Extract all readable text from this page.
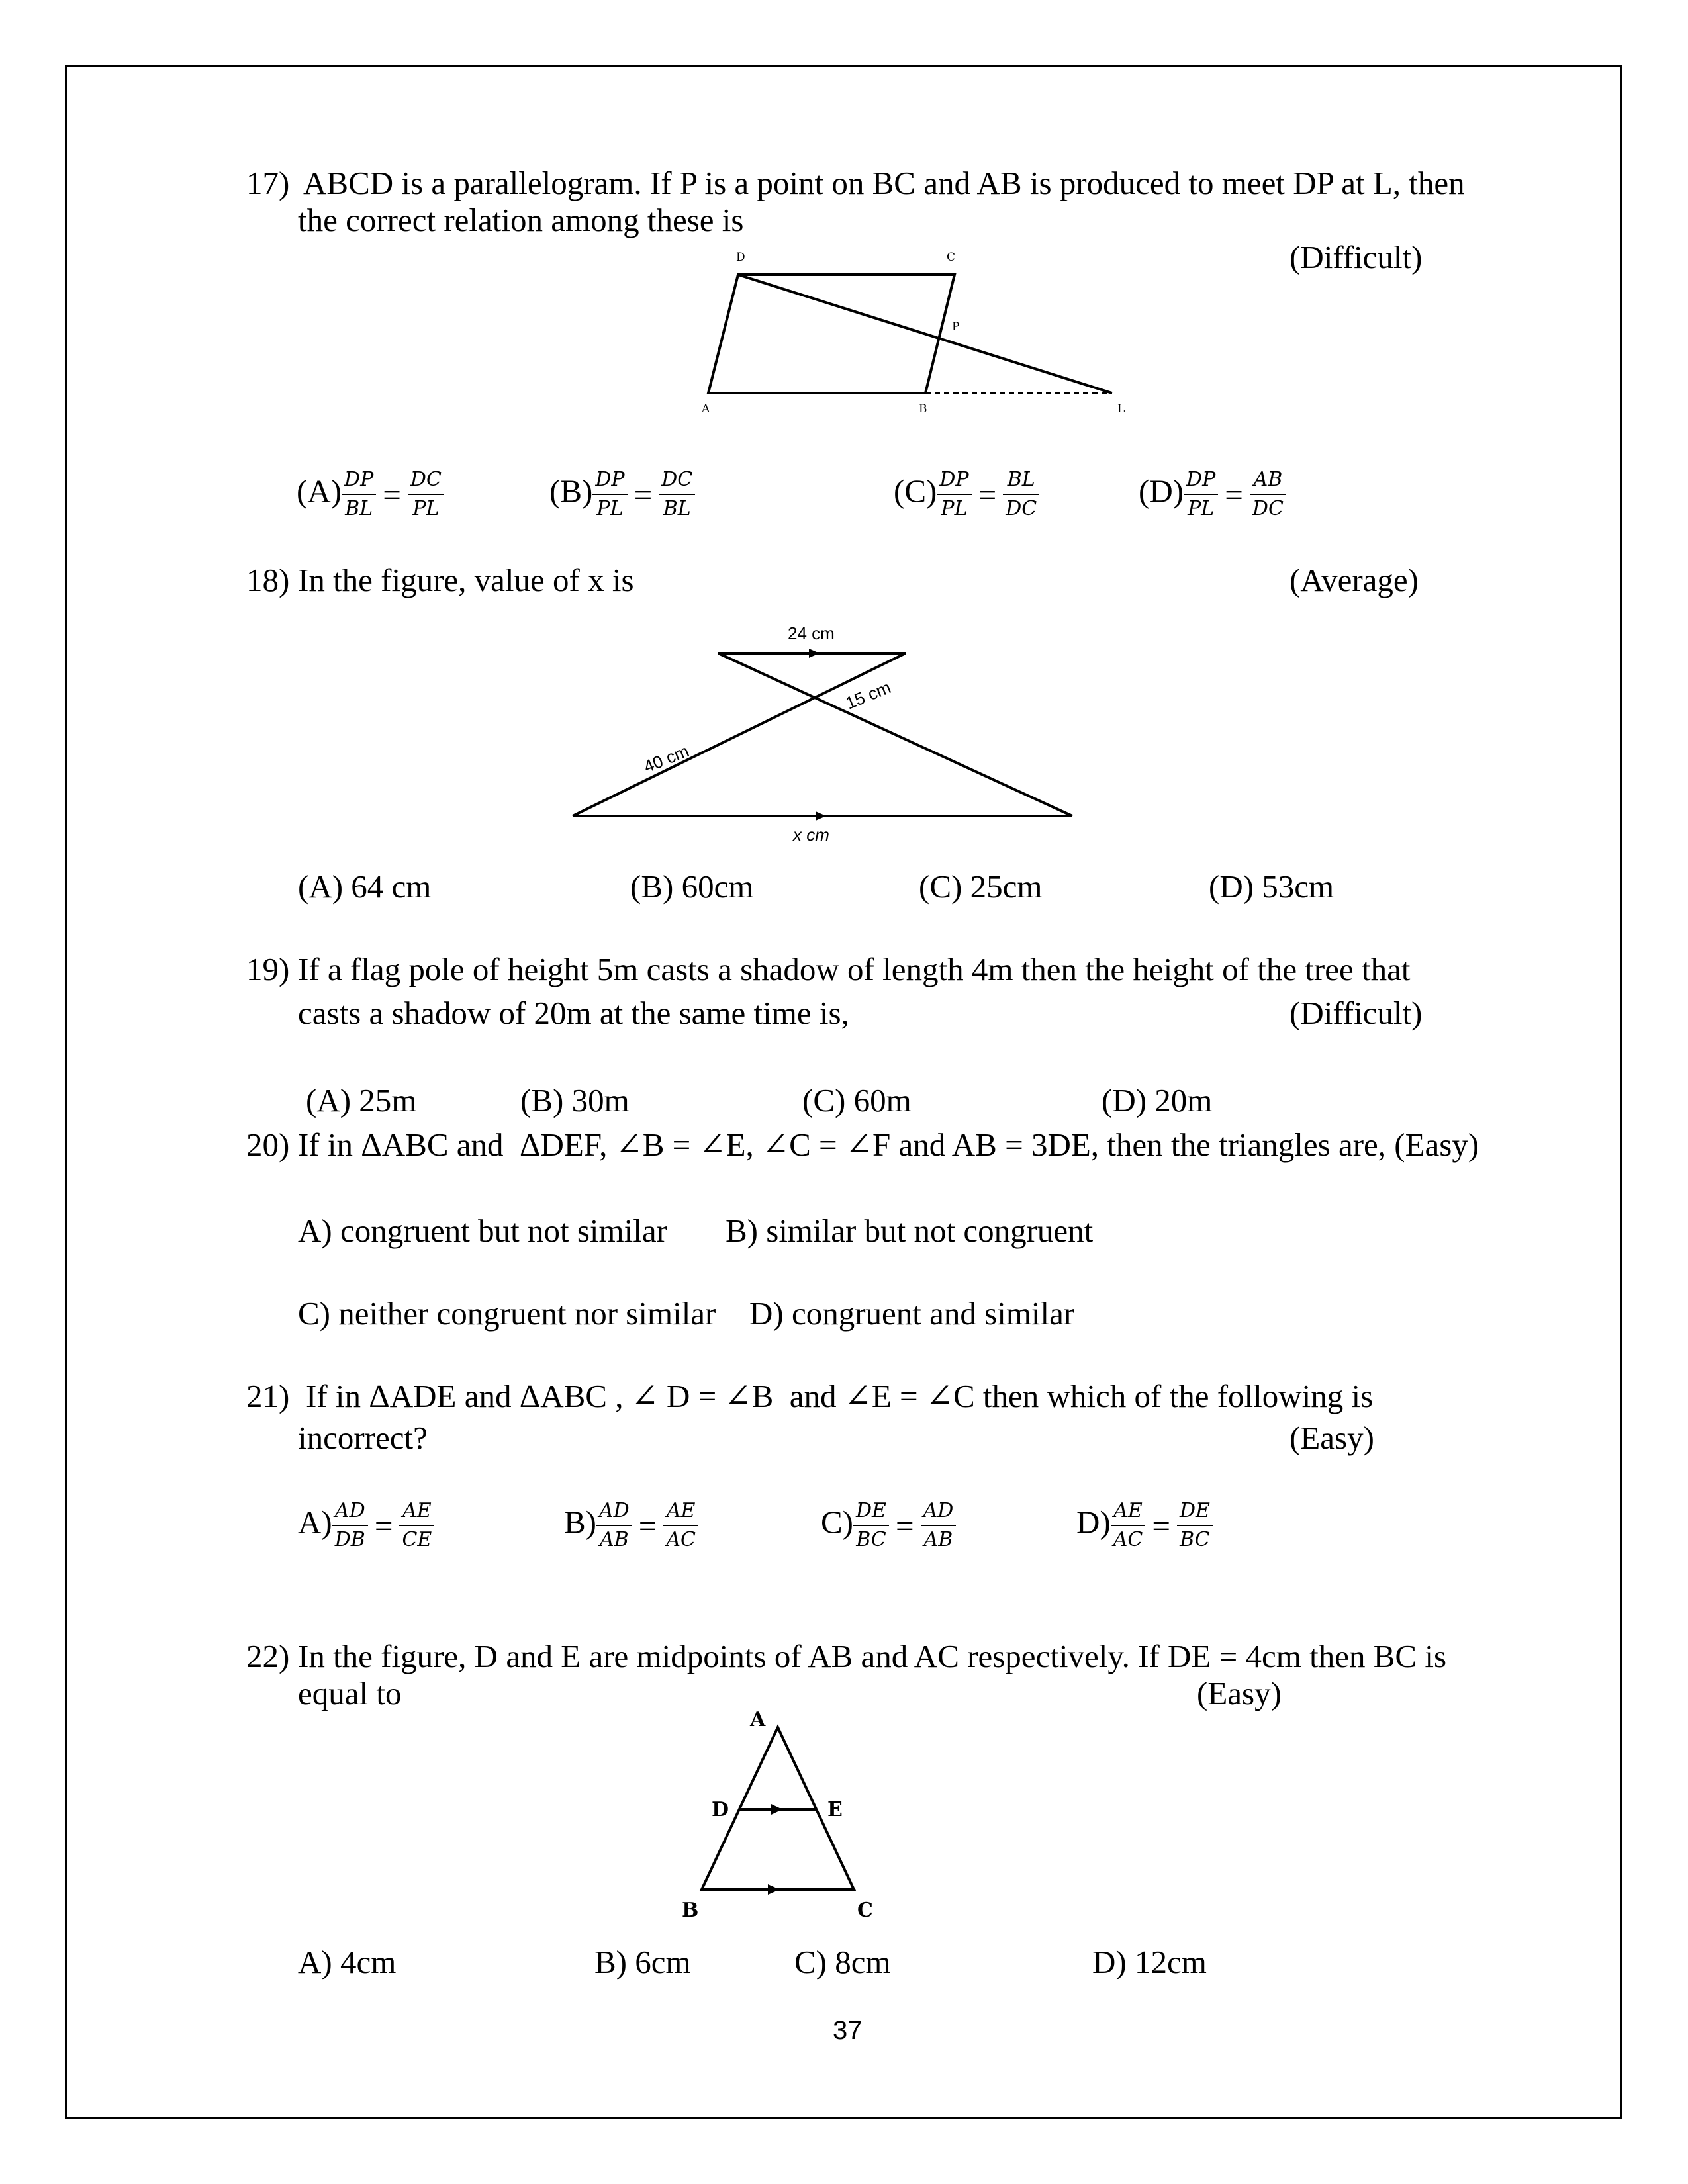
17) ABCD is a parallelogram. If P is a point on BC and AB is produced to meet DP at L, then
the correct relation among these is
(Difficult)
D	C
P
A	B	L
$(A) \frac{DP}{BL} = \frac{DC}{PL}$	$(B) \frac{DP}{PL} = \frac{DC}{BL}$	$(C) \frac{DP}{PL} = \frac{BL}{DC}$	$(D) \frac{DP}{PL} = \frac{AB}{DC}$
18) In the figure, value of x is	(Average)
24 cm
15 cm
40 cm
x cm
(A) 64 cm	(B) 60cm	(C) 25cm	(D) 53cm
19) If a flag pole of height 5m casts a shadow of length 4m then the height of the tree that
casts a shadow of 20m at the same time is,	(Difficult)
(A) 25m	(B) 30m	(C) 60m	(D) 20m
20) If in ΔABC and  ΔDEF, ∠B = ∠E, ∠C = ∠F and AB = 3DE, then the triangles are, (Easy)
A) congruent but not similar B) similar but not congruent
C) neither congruent nor similar D) congruent and similar
21) If in ΔADE and ΔABC , ∠ D = ∠B  and ∠E = ∠C then which of the following is
incorrect?	(Easy)
$A) \frac{AD}{DB} = \frac{AE}{CE}$	$B) \frac{AD}{AB} = \frac{AE}{AC}$	$C) \frac{DE}{BC} = \frac{AD}{AB}$	$D) \frac{AE}{AC} = \frac{DE}{BC}$
22) In the figure, D and E are midpoints of AB and AC respectively. If DE = 4cm then BC is
equal to	(Easy)
A
D	E
B	C
A) 4cm	B) 6cm	C) 8cm	D) 12cm
37
